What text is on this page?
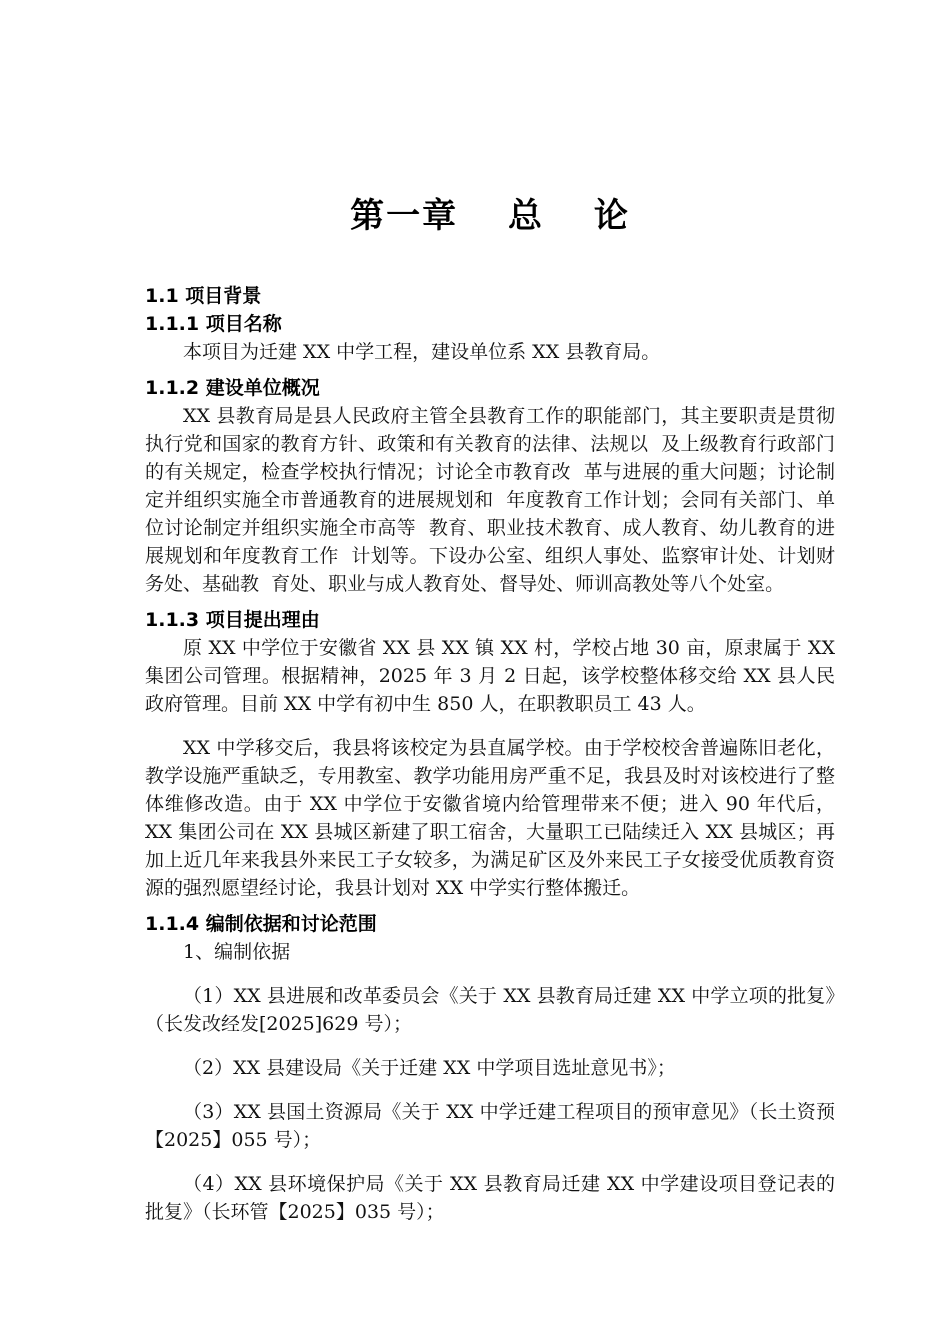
第一章　 总　 论

1.1 项目背景

1.1.1 项目名称

本项目为迁建 XX 中学工程，建设单位系 XX 县教育局。

1.1.2 建设单位概况

XX 县教育局是县人民政府主管全县教育工作的职能部门，其主要职责是贯彻执行党和国家的教育方针、政策和有关教育的法律、法规以  及上级教育行政部门的有关规定，检查学校执行情况；讨论全市教育改  革与进展的重大问题；讨论制定并组织实施全市普通教育的进展规划和  年度教育工作计划；会同有关部门、单位讨论制定并组织实施全市高等  教育、职业技术教育、成人教育、幼儿教育的进展规划和年度教育工作  计划等。下设办公室、组织人事处、监察审计处、计划财务处、基础教  育处、职业与成人教育处、督导处、师训高教处等八个处室。

1.1.3 项目提出理由

原 XX 中学位于安徽省 XX 县 XX 镇 XX 村，学校占地 30 亩，原隶属于 XX 集团公司管理。根据精神，2025 年 3 月 2 日起，该学校整体移交给 XX 县人民政府管理。目前 XX 中学有初中生 850 人，在职教职员工 43 人。

XX 中学移交后，我县将该校定为县直属学校。由于学校校舍普遍陈旧老化，教学设施严重缺乏，专用教室、教学功能用房严重不足，我县及时对该校进行了整体维修改造。由于 XX 中学位于安徽省境内给管理带来不便；进入 90 年代后，XX 集团公司在 XX 县城区新建了职工宿舍，大量职工已陆续迁入 XX 县城区；再加上近几年来我县外来民工子女较多，为满足矿区及外来民工子女接受优质教育资源的强烈愿望经讨论，我县计划对 XX 中学实行整体搬迁。

1.1.4 编制依据和讨论范围

1、编制依据

（1）XX 县进展和改革委员会《关于 XX 县教育局迁建 XX 中学立项的批复》（长发改经发[2025]629 号）；

（2）XX 县建设局《关于迁建 XX 中学项目选址意见书》；

（3）XX 县国土资源局《关于 XX 中学迁建工程项目的预审意见》（长土资预【2025】055 号）；

（4）XX 县环境保护局《关于 XX 县教育局迁建 XX 中学建设项目登记表的批复》（长环管【2025】035 号）；
